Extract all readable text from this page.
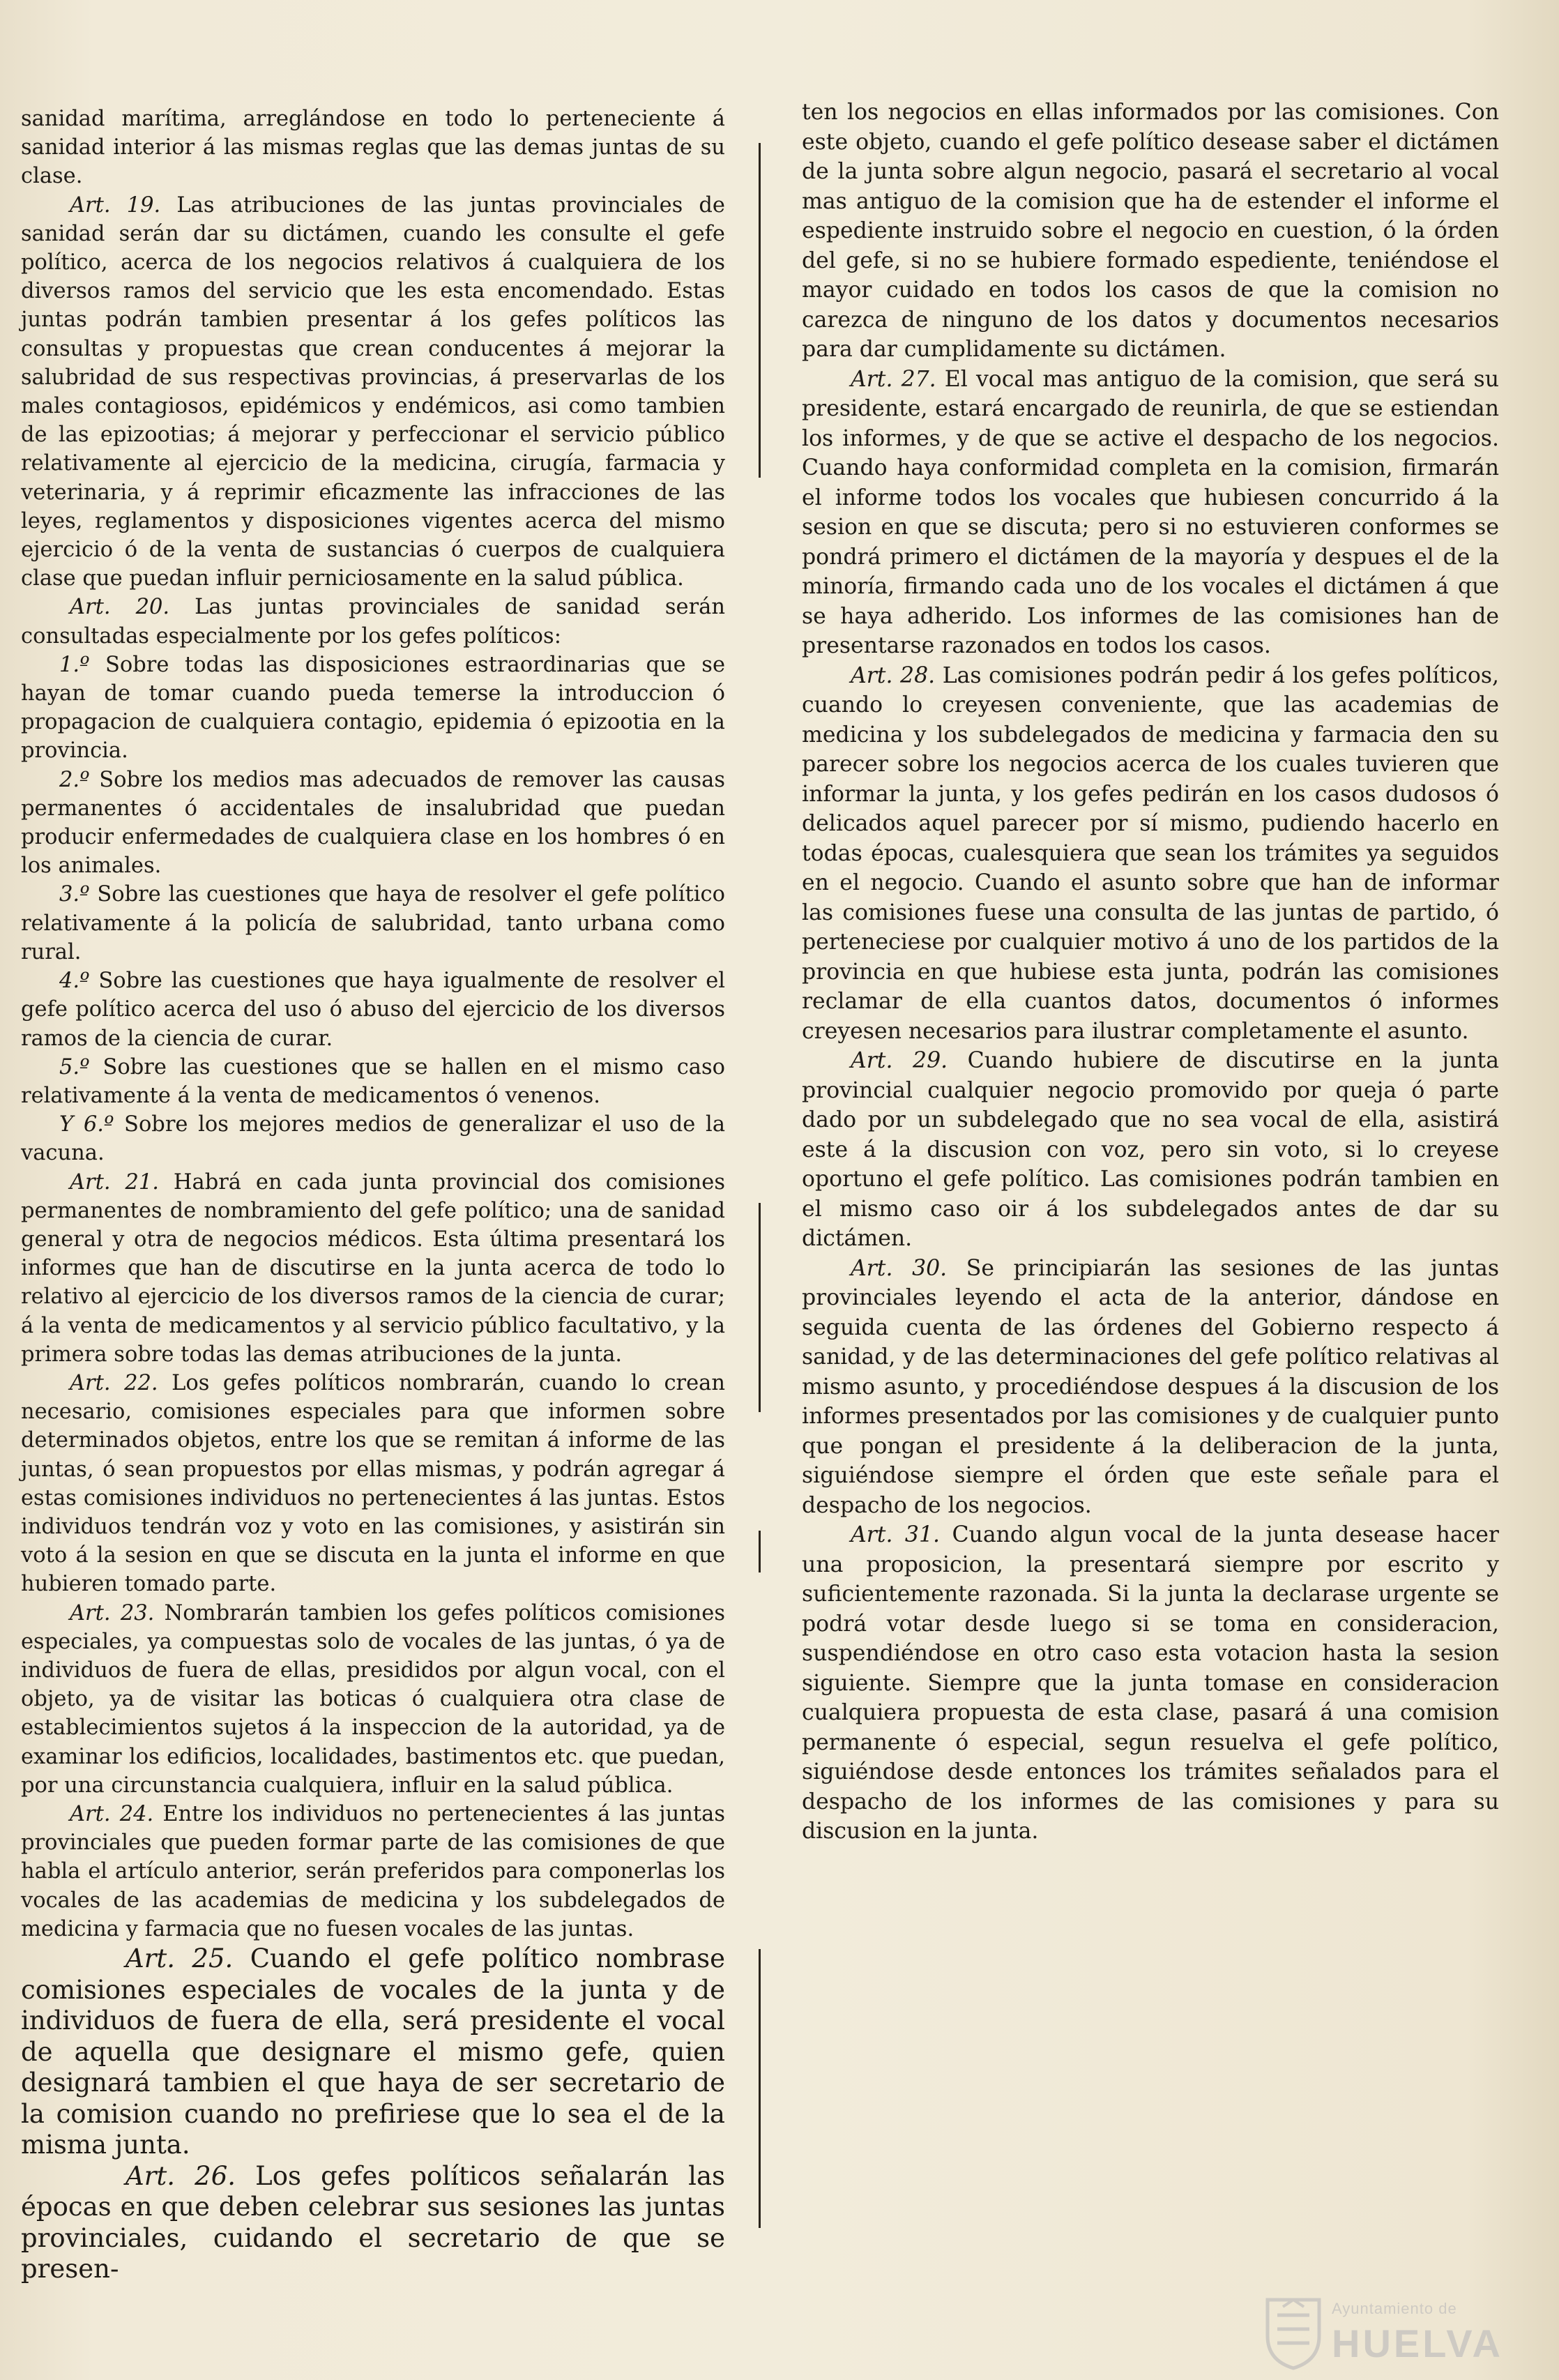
sanidad marítima, arreglándose en todo lo perteneciente á sanidad interior á las mismas reglas que las demas juntas de su clase.

Art. 19. Las atribuciones de las juntas provinciales de sanidad serán dar su dictámen, cuando les consulte el gefe político, acerca de los negocios relativos á cualquiera de los diversos ramos del servicio que les esta encomendado. Estas juntas podrán tambien presentar á los gefes políticos las consultas y propuestas que crean conducentes á mejorar la salubridad de sus respectivas provincias, á preservarlas de los males contagiosos, epidémicos y endémicos, asi como tambien de las epizootias; á mejorar y perfeccionar el servicio público relativamente al ejercicio de la medicina, cirugía, farmacia y veterinaria, y á reprimir eficazmente las infracciones de las leyes, reglamentos y disposiciones vigentes acerca del mismo ejercicio ó de la venta de sustancias ó cuerpos de cualquiera clase que puedan influir perniciosamente en la salud pública.

Art. 20. Las juntas provinciales de sanidad serán consultadas especialmente por los gefes políticos:

1.º Sobre todas las disposiciones estraordinarias que se hayan de tomar cuando pueda temerse la introduccion ó propagacion de cualquiera contagio, epidemia ó epizootia en la provincia.

2.º Sobre los medios mas adecuados de remover las causas permanentes ó accidentales de insalubridad que puedan producir enfermedades de cualquiera clase en los hombres ó en los animales.

3.º Sobre las cuestiones que haya de resolver el gefe político relativamente á la policía de salubridad, tanto urbana como rural.

4.º Sobre las cuestiones que haya igualmente de resolver el gefe político acerca del uso ó abuso del ejercicio de los diversos ramos de la ciencia de curar.

5.º Sobre las cuestiones que se hallen en el mismo caso relativamente á la venta de medicamentos ó venenos.

Y 6.º Sobre los mejores medios de generalizar el uso de la vacuna.

Art. 21. Habrá en cada junta provincial dos comisiones permanentes de nombramiento del gefe político; una de sanidad general y otra de negocios médicos. Esta última presentará los informes que han de discutirse en la junta acerca de todo lo relativo al ejercicio de los diversos ramos de la ciencia de curar; á la venta de medicamentos y al servicio público facultativo, y la primera sobre todas las demas atribuciones de la junta.

Art. 22. Los gefes políticos nombrarán, cuando lo crean necesario, comisiones especiales para que informen sobre determinados objetos, entre los que se remitan á informe de las juntas, ó sean propuestos por ellas mismas, y podrán agregar á estas comisiones individuos no pertenecientes á las juntas. Estos individuos tendrán voz y voto en las comisiones, y asistirán sin voto á la sesion en que se discuta en la junta el informe en que hubieren tomado parte.

Art. 23. Nombrarán tambien los gefes políticos comisiones especiales, ya compuestas solo de vocales de las juntas, ó ya de individuos de fuera de ellas, presididos por algun vocal, con el objeto, ya de visitar las boticas ó cualquiera otra clase de establecimientos sujetos á la inspeccion de la autoridad, ya de examinar los edificios, localidades, bastimentos etc. que puedan, por una circunstancia cualquiera, influir en la salud pública.

Art. 24. Entre los individuos no pertenecientes á las juntas provinciales que pueden formar parte de las comisiones de que habla el artículo anterior, serán preferidos para componerlas los vocales de las academias de medicina y los subdelegados de medicina y farmacia que no fuesen vocales de las juntas.

Art. 25. Cuando el gefe político nombrase comisiones especiales de vocales de la junta y de individuos de fuera de ella, será presidente el vocal de aquella que designare el mismo gefe, quien designará tambien el que haya de ser secretario de la comision cuando no prefiriese que lo sea el de la misma junta.

Art. 26. Los gefes políticos señalarán las épocas en que deben celebrar sus sesiones las juntas provinciales, cuidando el secretario de que se presen-

ten los negocios en ellas informados por las comisiones. Con este objeto, cuando el gefe político desease saber el dictámen de la junta sobre algun negocio, pasará el secretario al vocal mas antiguo de la comision que ha de estender el informe el espediente instruido sobre el negocio en cuestion, ó la órden del gefe, si no se hubiere formado espediente, teniéndose el mayor cuidado en todos los casos de que la comision no carezca de ninguno de los datos y documentos necesarios para dar cumplidamente su dictámen.

Art. 27. El vocal mas antiguo de la comision, que será su presidente, estará encargado de reunirla, de que se estiendan los informes, y de que se active el despacho de los negocios. Cuando haya conformidad completa en la comision, firmarán el informe todos los vocales que hubiesen concurrido á la sesion en que se discuta; pero si no estuvieren conformes se pondrá primero el dictámen de la mayoría y despues el de la minoría, firmando cada uno de los vocales el dictámen á que se haya adherido. Los informes de las comisiones han de presentarse razonados en todos los casos.

Art. 28. Las comisiones podrán pedir á los gefes políticos, cuando lo creyesen conveniente, que las academias de medicina y los subdelegados de medicina y farmacia den su parecer sobre los negocios acerca de los cuales tuvieren que informar la junta, y los gefes pedirán en los casos dudosos ó delicados aquel parecer por sí mismo, pudiendo hacerlo en todas épocas, cualesquiera que sean los trámites ya seguidos en el negocio. Cuando el asunto sobre que han de informar las comisiones fuese una consulta de las juntas de partido, ó perteneciese por cualquier motivo á uno de los partidos de la provincia en que hubiese esta junta, podrán las comisiones reclamar de ella cuantos datos, documentos ó informes creyesen necesarios para ilustrar completamente el asunto.

Art. 29. Cuando hubiere de discutirse en la junta provincial cualquier negocio promovido por queja ó parte dado por un subdelegado que no sea vocal de ella, asistirá este á la discusion con voz, pero sin voto, si lo creyese oportuno el gefe político. Las comisiones podrán tambien en el mismo caso oir á los subdelegados antes de dar su dictámen.

Art. 30. Se principiarán las sesiones de las juntas provinciales leyendo el acta de la anterior, dándose en seguida cuenta de las órdenes del Gobierno respecto á sanidad, y de las determinaciones del gefe político relativas al mismo asunto, y procediéndose despues á la discusion de los informes presentados por las comisiones y de cualquier punto que pongan el presidente á la deliberacion de la junta, siguiéndose siempre el órden que este señale para el despacho de los negocios.

Art. 31. Cuando algun vocal de la junta desease hacer una proposicion, la presentará siempre por escrito y suficientemente razonada. Si la junta la declarase urgente se podrá votar desde luego si se toma en consideracion, suspendiéndose en otro caso esta votacion hasta la sesion siguiente. Siempre que la junta tomase en consideracion cualquiera propuesta de esta clase, pasará á una comision permanente ó especial, segun resuelva el gefe político, siguiéndose desde entonces los trámites señalados para el despacho de los informes de las comisiones y para su discusion en la junta.

Ayuntamiento de
HUELVA
